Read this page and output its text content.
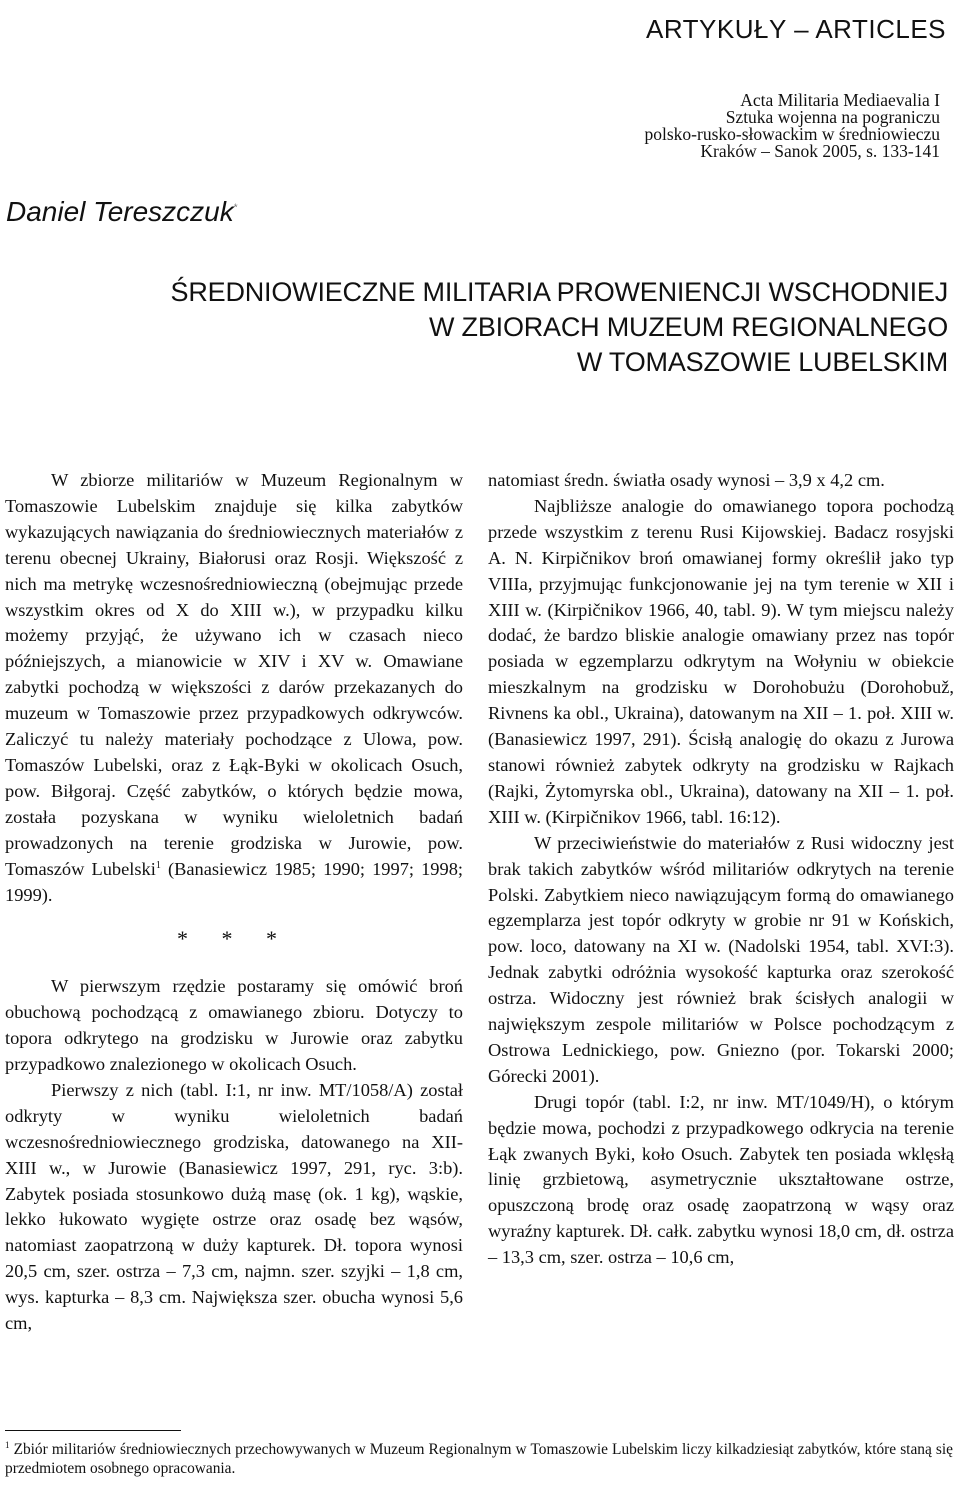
ARTYKUŁY – ARTICLES
Acta Militaria Mediaevalia I
Sztuka wojenna na pograniczu
polsko-rusko-słowackim w średniowieczu
Kraków – Sanok 2005, s. 133-141
Daniel Tereszczuk*
ŚREDNIOWIECZNE MILITARIA PROWENIENCJI WSCHODNIEJ
W ZBIORACH MUZEUM REGIONALNEGO
W TOMASZOWIE LUBELSKIM

W zbiorze militariów w Muzeum Regionalnym w Tomaszowie Lubelskim znajduje się kilka zabytków wykazujących nawiązania do średniowiecznych materiałów z terenu obecnej Ukrainy, Białorusi oraz Rosji. Większość z nich ma metrykę wczesnośredniowieczną (obejmując przede wszystkim okres od X do XIII w.), w przypadku kilku możemy przyjąć, że używano ich w czasach nieco późniejszych, a mianowicie w XIV i XV w. Omawiane zabytki pochodzą w większości z darów przekazanych do muzeum w Tomaszowie przez przypadkowych odkrywców. Zaliczyć tu należy materiały pochodzące z Ulowa, pow. Tomaszów Lubelski, oraz z Łąk-Byki w okolicach Osuch, pow. Biłgoraj. Część zabytków, o których będzie mowa, została pozyskana w wyniku wieloletnich badań prowadzonych na terenie grodziska w Jurowie, pow. Tomaszów Lubelski$^1$ (Banasiewicz 1985; 1990; 1997; 1998; 1999).

* * *

W pierwszym rzędzie postaramy się omówić broń obuchową pochodzącą z omawianego zbioru. Dotyczy to topora odkrytego na grodzisku w Jurowie oraz zabytku przypadkowo znalezionego w okolicach Osuch.

Pierwszy z nich (tabl. I:1, nr inw. MT/1058/A) został odkryty w wyniku wieloletnich badań wczesnośredniowiecznego grodziska, datowanego na XII-XIII w., w Jurowie (Banasiewicz 1997, 291, ryc. 3:b). Zabytek posiada stosunkowo dużą masę (ok. 1 kg), wąskie, lekko łukowato wygięte ostrze oraz osadę bez wąsów, natomiast zaopatrzoną w duży kapturek. Dł. topora wynosi 20,5 cm, szer. ostrza – 7,3 cm, najmn. szer. szyjki – 1,8 cm, wys. kapturka – 8,3 cm. Największa szer. obucha wynosi 5,6 cm,

natomiast średn. światła osady wynosi – 3,9 x 4,2 cm.

Najbliższe analogie do omawianego topora pochodzą przede wszystkim z terenu Rusi Kijowskiej. Badacz rosyjski A. N. Kirpičnikov broń omawianej formy określił jako typ VIIIa, przyjmując funkcjonowanie jej na tym terenie w XII i XIII w. (Kirpičnikov 1966, 40, tabl. 9). W tym miejscu należy dodać, że bardzo bliskie analogie omawiany przez nas topór posiada w egzemplarzu odkrytym na Wołyniu w obiekcie mieszkalnym na grodzisku w Dorohobużu (Dorohobuž, Rivnens ka obl., Ukraina), datowanym na XII – 1. poł. XIII w. (Banasiewicz 1997, 291). Ścisłą analogię do okazu z Jurowa stanowi również zabytek odkryty na grodzisku w Rajkach (Rajki, Żytomyrska obl., Ukraina), datowany na XII – 1. poł. XIII w. (Kirpičnikov 1966, tabl. 16:12).

W przeciwieństwie do materiałów z Rusi widoczny jest brak takich zabytków wśród militariów odkrytych na terenie Polski. Zabytkiem nieco nawiązującym formą do omawianego egzemplarza jest topór odkryty w grobie nr 91 w Końskich, pow. loco, datowany na XI w. (Nadolski 1954, tabl. XVI:3). Jednak zabytki odróżnia wysokość kapturka oraz szerokość ostrza. Widoczny jest również brak ścisłych analogii w największym zespole militariów w Polsce pochodzącym z Ostrowa Lednickiego, pow. Gniezno (por. Tokarski 2000; Górecki 2001).

Drugi topór (tabl. I:2, nr inw. MT/1049/H), o którym będzie mowa, pochodzi z przypadkowego odkrycia na terenie Łąk zwanych Byki, koło Osuch. Zabytek ten posiada wklęsłą linię grzbietową, asymetrycznie ukształtowane ostrze, opuszczoną brodę oraz osadę zaopatrzoną w wąsy oraz wyraźny kapturek. Dł. całk. zabytku wynosi 18,0 cm, dł. ostrza – 13,3 cm, szer. ostrza – 10,6 cm,

$^1$ Zbiór militariów średniowiecznych przechowywanych w Muzeum Regionalnym w Tomaszowie Lubelskim liczy kilkadziesiąt zabytków, które staną się przedmiotem osobnego opracowania.
